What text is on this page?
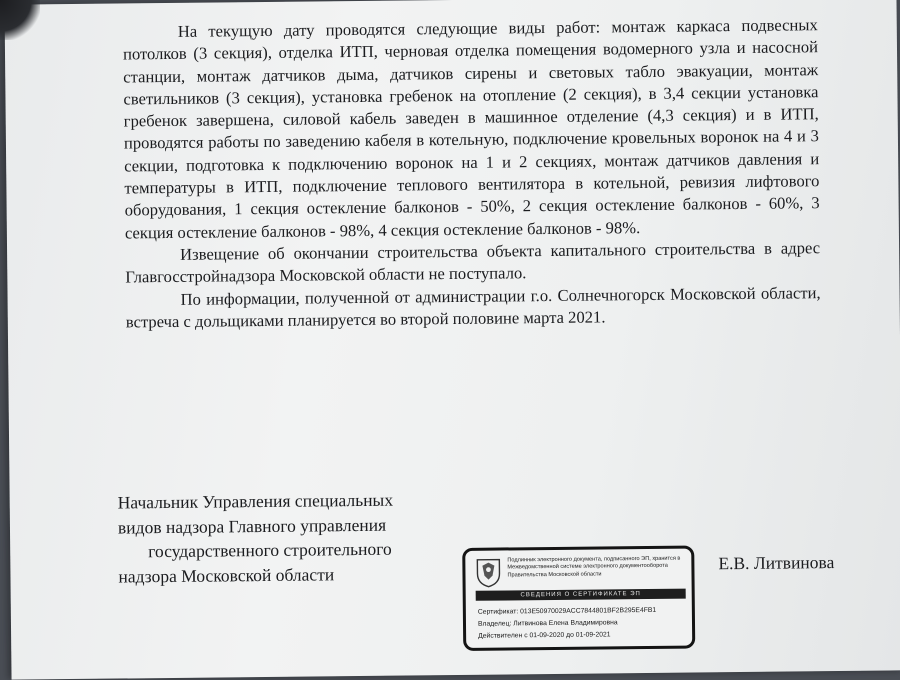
На текущую дату проводятся следующие виды работ: монтаж каркаса подвесных потолков (3 секция), отделка ИТП, черновая отделка помещения водомерного узла и насосной станции, монтаж датчиков дыма, датчиков сирены и световых табло эвакуации, монтаж светильников (3 секция), установка гребенок на отопление (2 секция), в 3,4 секции установка гребенок завершена, силовой кабель заведен в машинное отделение (4,3 секция) и в ИТП, проводятся работы по заведению кабеля в котельную, подключение кровельных воронок на 4 и 3 секции, подготовка к подключению воронок на 1 и 2 секциях, монтаж датчиков давления и температуры в ИТП, подключение теплового вентилятора в котельной, ревизия лифтового оборудования, 1 секция остекление балконов - 50%, 2 секция остекление балконов - 60%, 3 секция остекление балконов - 98%, 4 секция остекление балконов - 98%.

Извещение об окончании строительства объекта капитального строительства в адрес Главгосстройнадзора Московской области не поступало.

По информации, полученной от администрации г.о. Солнечногорск Московской области, встреча с дольщиками планируется во второй половине марта 2021.

Начальник Управления специальных
видов надзора Главного управления
государственного строительного
надзора Московской области
Подлинник электронного документа, подписанного ЭП, хранится в Межведомственной системе электронного документооборота Правительства Московской области
СВЕДЕНИЯ О СЕРТИФИКАТЕ ЭП
Сертификат: 013E50970029ACC7844801BF2B295E4FB1
Владелец: Литвинова Елена Владимировна
Действителен с 01-09-2020 до 01-09-2021
Е.В. Литвинова
